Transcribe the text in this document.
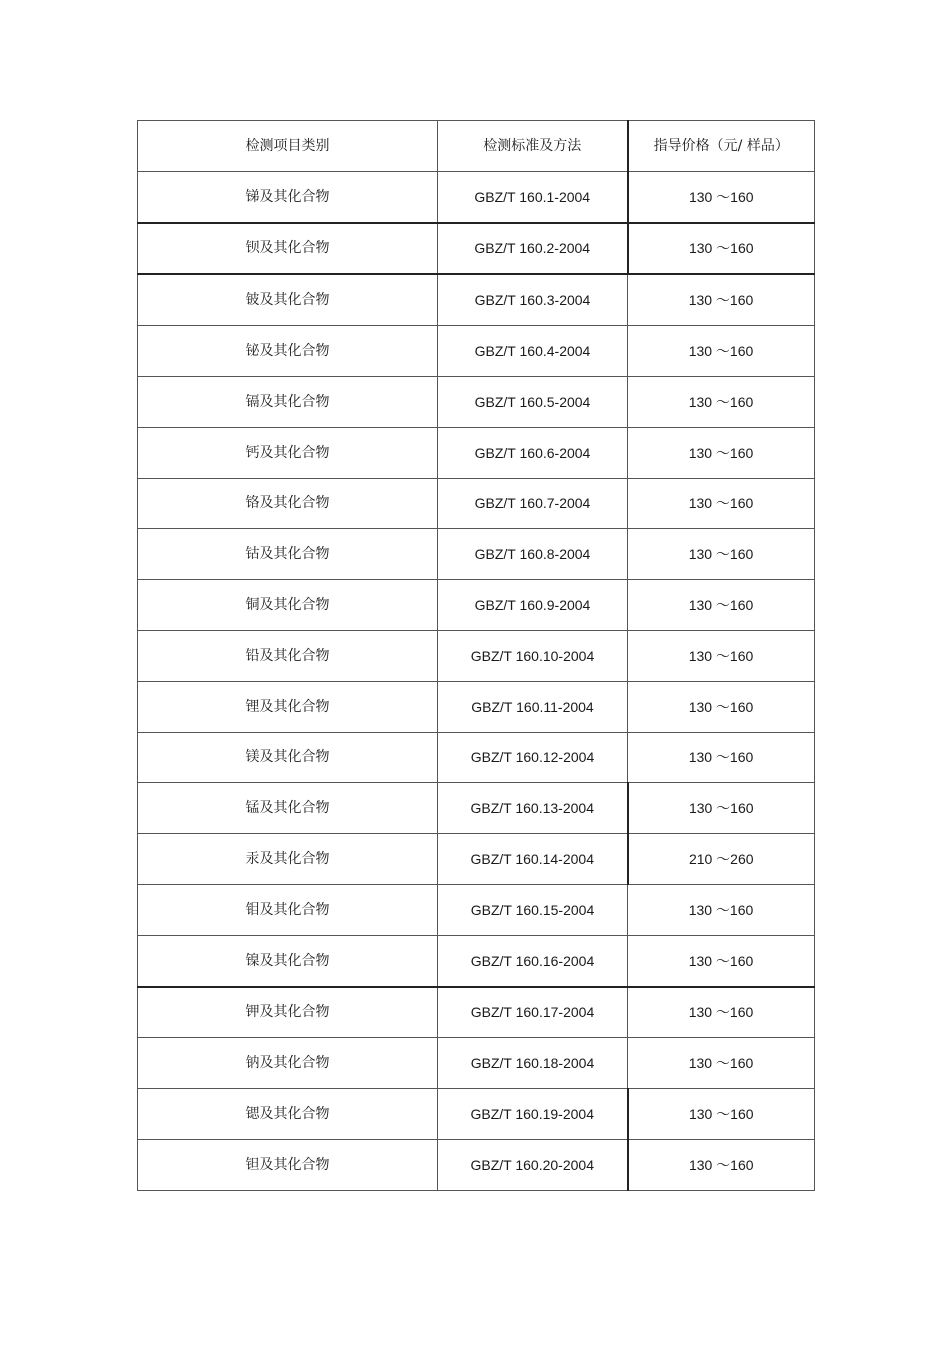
检测项目类别	检测标准及方法	指导价格（元/ 样品）
锑及其化合物	GBZ/T 160.1-2004	130 ～160
钡及其化合物	GBZ/T 160.2-2004	130 ～160
铍及其化合物	GBZ/T 160.3-2004	130 ～160
铋及其化合物	GBZ/T 160.4-2004	130 ～160
镉及其化合物	GBZ/T 160.5-2004	130 ～160
钙及其化合物	GBZ/T 160.6-2004	130 ～160
铬及其化合物	GBZ/T 160.7-2004	130 ～160
钴及其化合物	GBZ/T 160.8-2004	130 ～160
铜及其化合物	GBZ/T 160.9-2004	130 ～160
铅及其化合物	GBZ/T 160.10-2004	130 ～160
锂及其化合物	GBZ/T 160.11-2004	130 ～160
镁及其化合物	GBZ/T 160.12-2004	130 ～160
锰及其化合物	GBZ/T 160.13-2004	130 ～160
汞及其化合物	GBZ/T 160.14-2004	210 ～260
钼及其化合物	GBZ/T 160.15-2004	130 ～160
镍及其化合物	GBZ/T 160.16-2004	130 ～160
钾及其化合物	GBZ/T 160.17-2004	130 ～160
钠及其化合物	GBZ/T 160.18-2004	130 ～160
锶及其化合物	GBZ/T 160.19-2004	130 ～160
钽及其化合物	GBZ/T 160.20-2004	130 ～160
